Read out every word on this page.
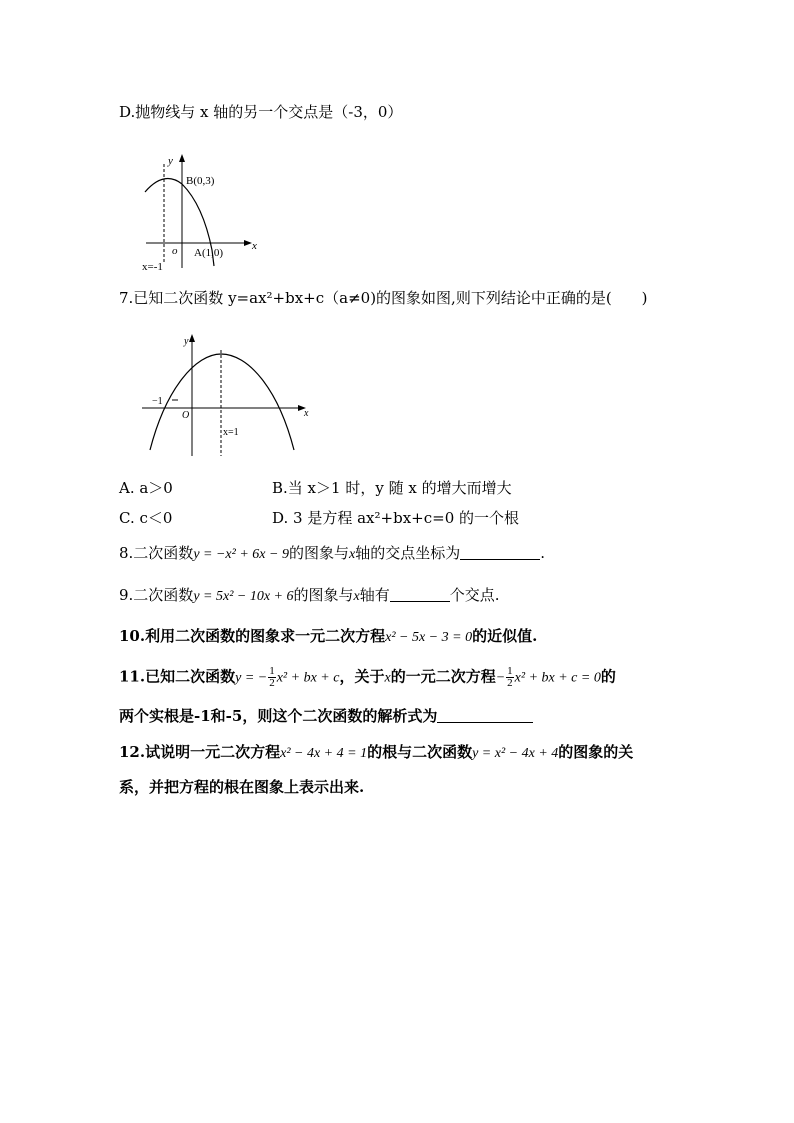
D.抛物线与 x 轴的另一个交点是（-3，0）
y
x
o
B(0,3)
A(1,0)
x=-1
7.已知二次函数 y=ax²+bx+c（a≠0)的图象如图,则下列结论中正确的是(　　)
y
x
O
−1
x=1
A. a＞0	B.当 x＞1 时，y 随 x 的增大而增大
C. c＜0	D. 3 是方程 ax²+bx+c=0 的一个根
8.二次函数y = −x² + 6x − 9的图象与x轴的交点坐标为	.
9.二次函数y = 5x² − 10x + 6的图象与x轴有	个交点.
10.利用二次函数的图象求一元二次方程x² − 5x − 3 = 0的近似值.
11.已知二次函数y = − $\frac{1}{2} x^2$ + bx + c，关于x的一元二次方程− $\frac{1}{2} x^2$ + bx + c = 0的
两个实根是-1和-5，则这个二次函数的解析式为
12.试说明一元二次方程x² − 4x + 4 = 1的根与二次函数y = x² − 4x + 4的图象的关
系，并把方程的根在图象上表示出来.
